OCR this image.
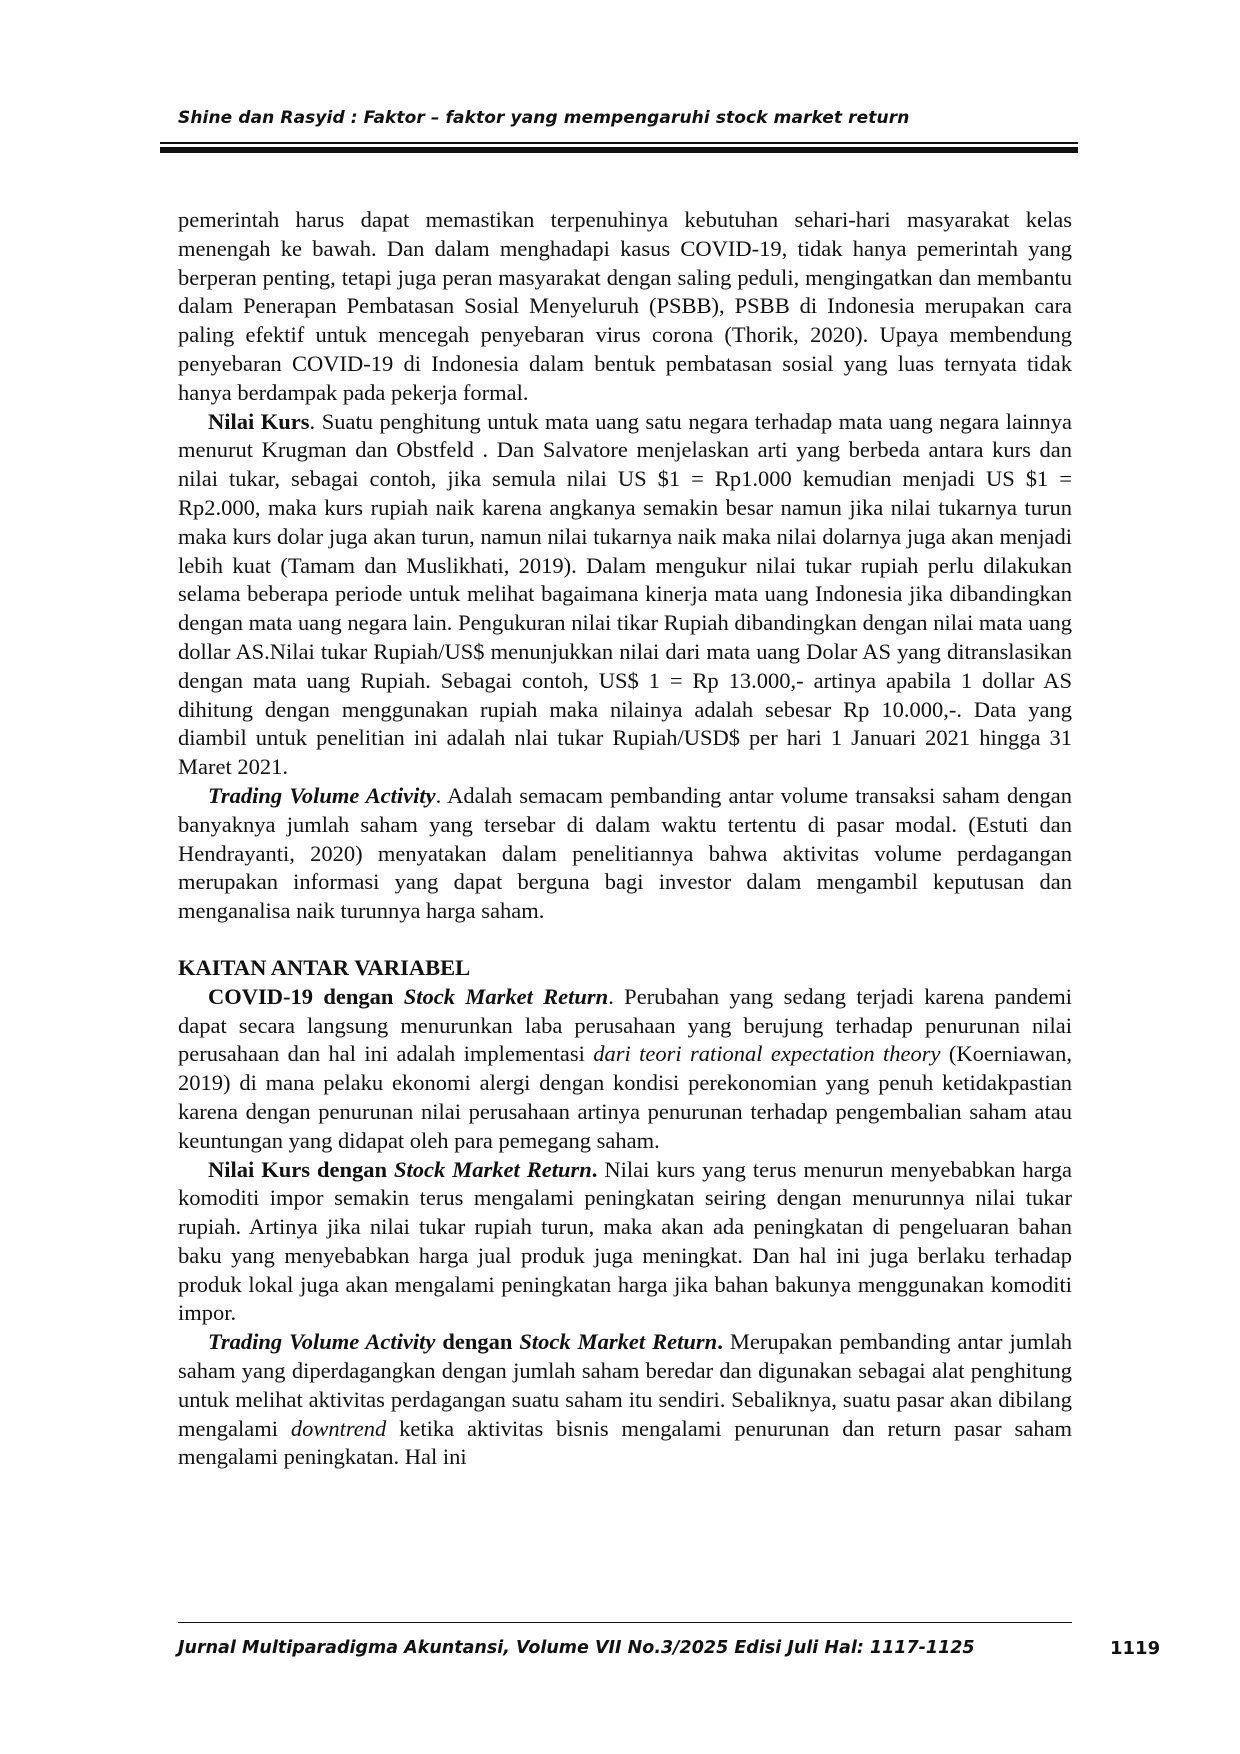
Shine dan Rasyid : Faktor – faktor yang mempengaruhi stock market return

pemerintah harus dapat memastikan terpenuhinya kebutuhan sehari-hari masyarakat kelas menengah ke bawah. Dan dalam menghadapi kasus COVID-19, tidak hanya pemerintah yang berperan penting, tetapi juga peran masyarakat dengan saling peduli, mengingatkan dan membantu dalam Penerapan Pembatasan Sosial Menyeluruh (PSBB), PSBB di Indonesia merupakan cara paling efektif untuk mencegah penyebaran virus corona (Thorik, 2020). Upaya membendung penyebaran COVID-19 di Indonesia dalam bentuk pembatasan sosial yang luas ternyata tidak hanya berdampak pada pekerja formal.

Nilai Kurs. Suatu penghitung untuk mata uang satu negara terhadap mata uang negara lainnya menurut Krugman dan Obstfeld . Dan Salvatore menjelaskan arti yang berbeda antara kurs dan nilai tukar, sebagai contoh, jika semula nilai US $1 = Rp1.000 kemudian menjadi US $1 = Rp2.000, maka kurs rupiah naik karena angkanya semakin besar namun jika nilai tukarnya turun maka kurs dolar juga akan turun, namun nilai tukarnya naik maka nilai dolarnya juga akan menjadi lebih kuat (Tamam dan Muslikhati, 2019). Dalam mengukur nilai tukar rupiah perlu dilakukan selama beberapa periode untuk melihat bagaimana kinerja mata uang Indonesia jika dibandingkan dengan mata uang negara lain. Pengukuran nilai tikar Rupiah dibandingkan dengan nilai mata uang dollar AS.Nilai tukar Rupiah/US$ menunjukkan nilai dari mata uang Dolar AS yang ditranslasikan dengan mata uang Rupiah. Sebagai contoh, US$ 1 = Rp 13.000,- artinya apabila 1 dollar AS dihitung dengan menggunakan rupiah maka nilainya adalah sebesar Rp 10.000,-. Data yang diambil untuk penelitian ini adalah nlai tukar Rupiah/USD$ per hari 1 Januari 2021 hingga 31 Maret 2021.

Trading Volume Activity. Adalah semacam pembanding antar volume transaksi saham dengan banyaknya jumlah saham yang tersebar di dalam waktu tertentu di pasar modal. (Estuti dan Hendrayanti, 2020) menyatakan dalam penelitiannya bahwa aktivitas volume perdagangan merupakan informasi yang dapat berguna bagi investor dalam mengambil keputusan dan menganalisa naik turunnya harga saham.

KAITAN ANTAR VARIABEL

COVID-19 dengan Stock Market Return. Perubahan yang sedang terjadi karena pandemi dapat secara langsung menurunkan laba perusahaan yang berujung terhadap penurunan nilai perusahaan dan hal ini adalah implementasi dari teori rational expectation theory (Koerniawan, 2019) di mana pelaku ekonomi alergi dengan kondisi perekonomian yang penuh ketidakpastian karena dengan penurunan nilai perusahaan artinya penurunan terhadap pengembalian saham atau keuntungan yang didapat oleh para pemegang saham.

Nilai Kurs dengan Stock Market Return. Nilai kurs yang terus menurun menyebabkan harga komoditi impor semakin terus mengalami peningkatan seiring dengan menurunnya nilai tukar rupiah. Artinya jika nilai tukar rupiah turun, maka akan ada peningkatan di pengeluaran bahan baku yang menyebabkan harga jual produk juga meningkat. Dan hal ini juga berlaku terhadap produk lokal juga akan mengalami peningkatan harga jika bahan bakunya menggunakan komoditi impor.

Trading Volume Activity dengan Stock Market Return. Merupakan pembanding antar jumlah saham yang diperdagangkan dengan jumlah saham beredar dan digunakan sebagai alat penghitung untuk melihat aktivitas perdagangan suatu saham itu sendiri. Sebaliknya, suatu pasar akan dibilang mengalami downtrend ketika aktivitas bisnis mengalami penurunan dan return pasar saham mengalami peningkatan. Hal ini

Jurnal Multiparadigma Akuntansi, Volume VII No.3/2025 Edisi Juli Hal: 1117-1125	1119
